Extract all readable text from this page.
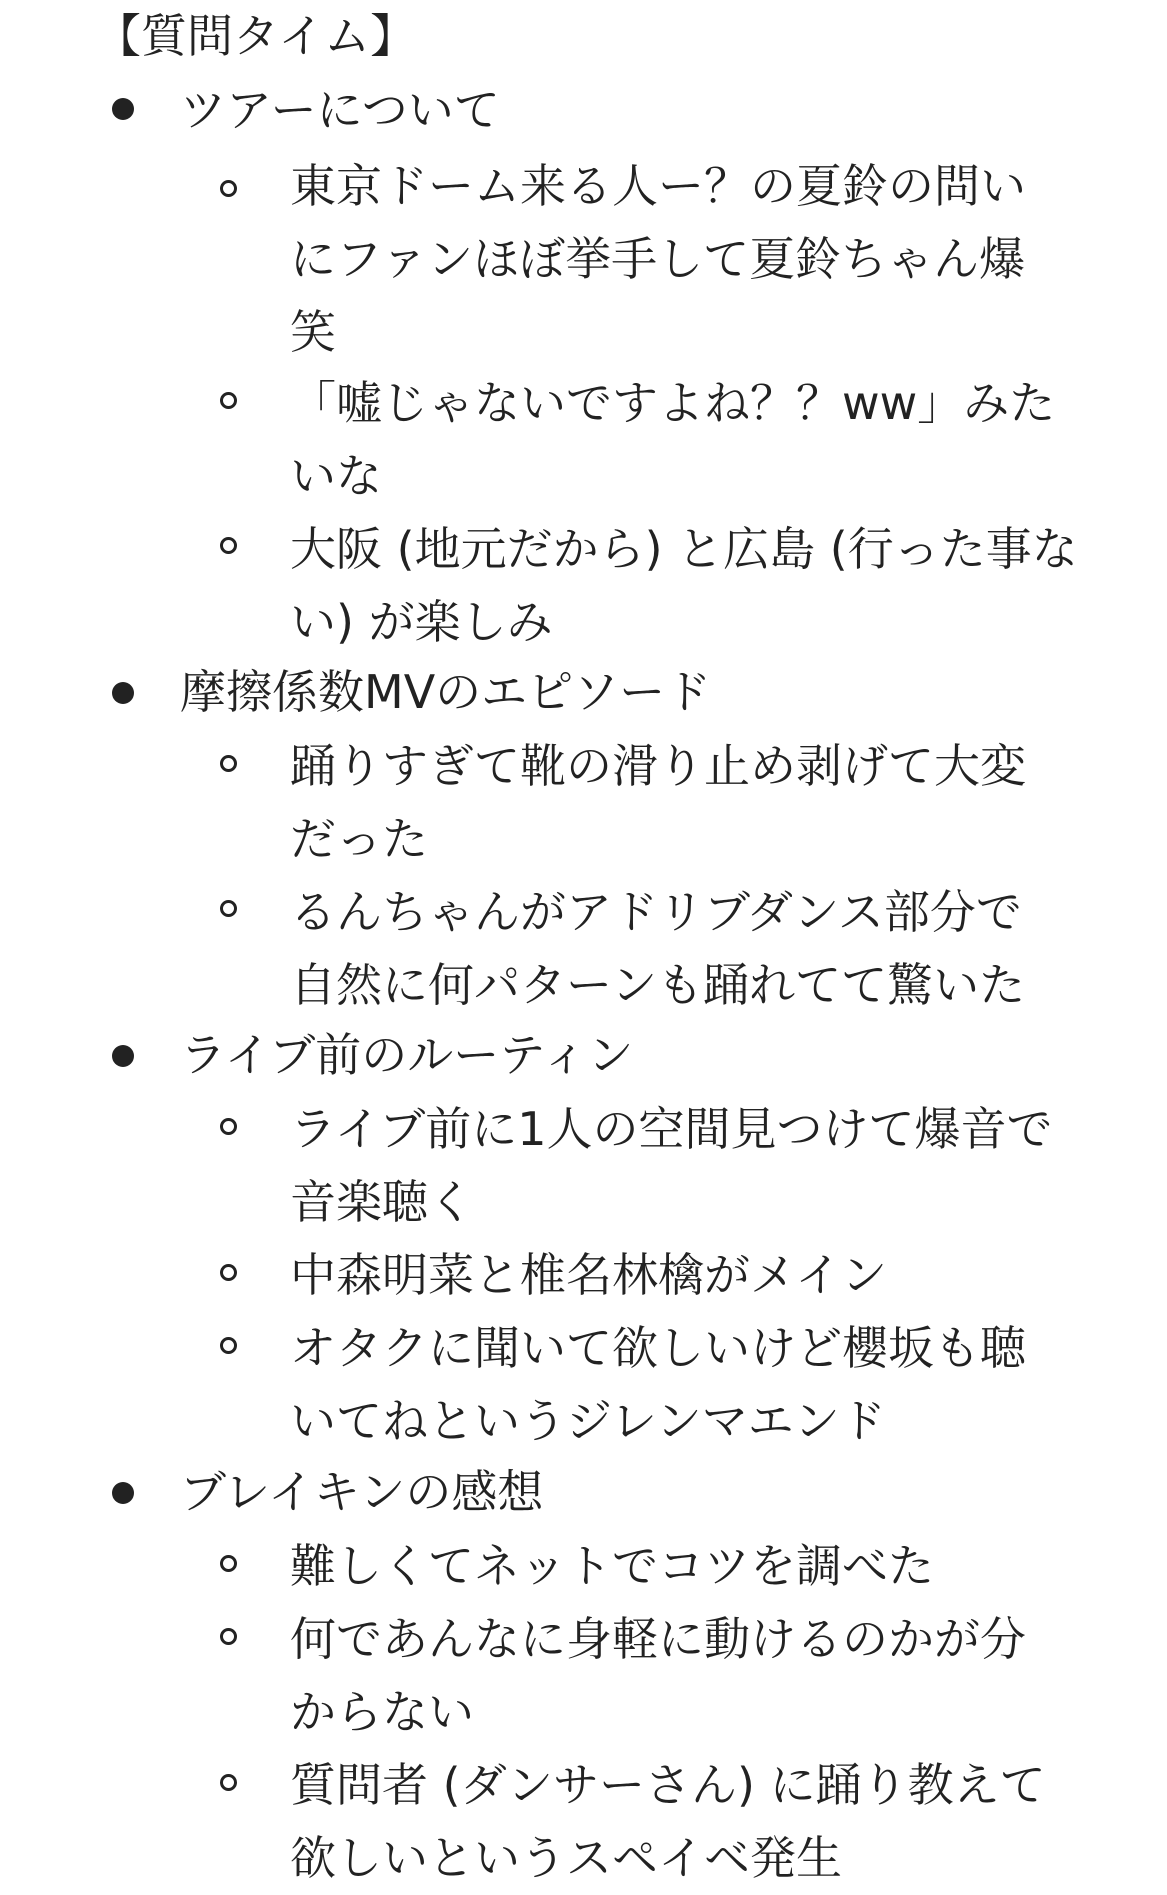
【質問タイム】
ツアーについて
東京ドーム来る人ー？の夏鈴の問い
にファンほぼ挙手して夏鈴ちゃん爆
笑
「嘘じゃないですよね？？ww」みた
いな
大阪 (地元だから) と広島 (行った事な
い) が楽しみ
摩擦係数MVのエピソード
踊りすぎて靴の滑り止め剥げて大変
だった
るんちゃんがアドリブダンス部分で
自然に何パターンも踊れてて驚いた
ライブ前のルーティン
ライブ前に1人の空間見つけて爆音で
音楽聴く
中森明菜と椎名林檎がメイン
オタクに聞いて欲しいけど櫻坂も聴
いてねというジレンマエンド
ブレイキンの感想
難しくてネットでコツを調べた
何であんなに身軽に動けるのかが分
からない
質問者 (ダンサーさん) に踊り教えて
欲しいというスペイベ発生
